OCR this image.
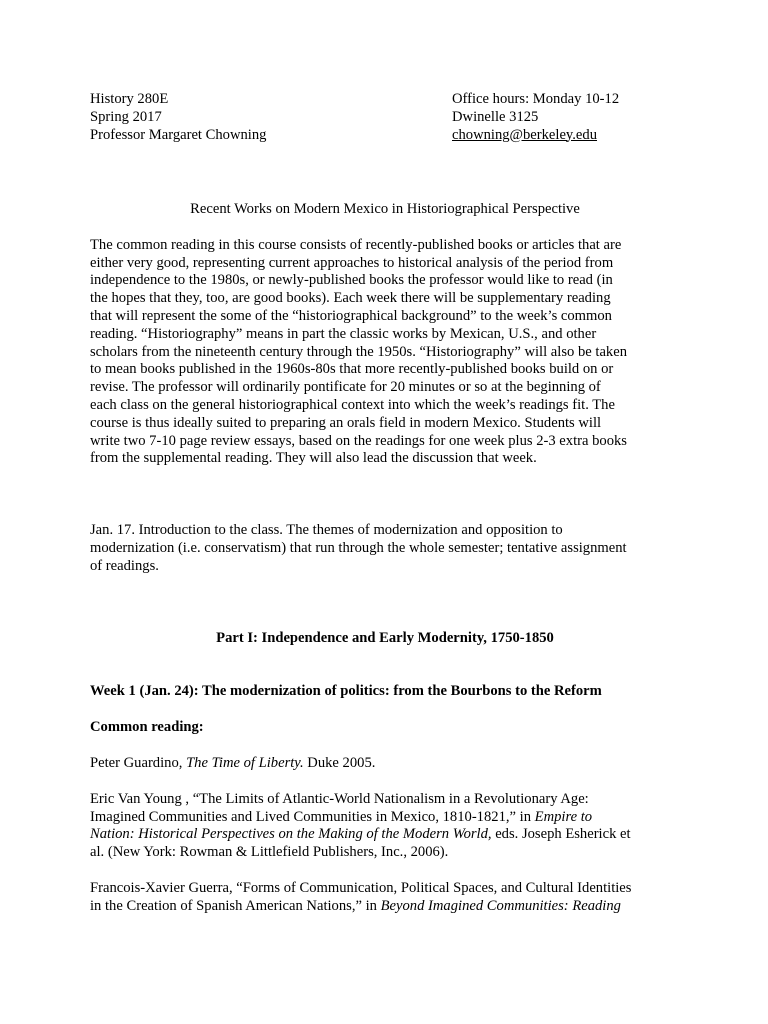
History 280E
Spring 2017
Professor Margaret Chowning
Office hours: Monday 10-12
Dwinelle 3125
chowning@berkeley.edu
Recent Works on Modern Mexico in Historiographical Perspective
The common reading in this course consists of recently-published books or articles that are
either very good, representing current approaches to historical analysis of the period from
independence to the 1980s, or newly-published books the professor would like to read (in
the hopes that they, too, are good books). Each week there will be supplementary reading
that will represent the some of the “historiographical background” to the week’s common
reading. “Historiography” means in part the classic works by Mexican, U.S., and other
scholars from the nineteenth century through the 1950s. “Historiography” will also be taken
to mean books published in the 1960s-80s that more recently-published books build on or
revise. The professor will ordinarily pontificate for 20 minutes or so at the beginning of
each class on the general historiographical context into which the week’s readings fit. The
course is thus ideally suited to preparing an orals field in modern Mexico. Students will
write two 7-10 page review essays, based on the readings for one week plus 2-3 extra books
from the supplemental reading. They will also lead the discussion that week.
Jan. 17. Introduction to the class. The themes of modernization and opposition to
modernization (i.e. conservatism) that run through the whole semester; tentative assignment
of readings.
Part I: Independence and Early Modernity, 1750-1850
Week 1 (Jan. 24): The modernization of politics: from the Bourbons to the Reform
Common reading:
Peter Guardino, The Time of Liberty. Duke 2005.
Eric Van Young , “The Limits of Atlantic-World Nationalism in a Revolutionary Age:
Imagined Communities and Lived Communities in Mexico, 1810-1821,” in Empire to
Nation: Historical Perspectives on the Making of the Modern World, eds. Joseph Esherick et
al. (New York: Rowman & Littlefield Publishers, Inc., 2006).
Francois-Xavier Guerra, “Forms of Communication, Political Spaces, and Cultural Identities
in the Creation of Spanish American Nations,” in Beyond Imagined Communities: Reading
